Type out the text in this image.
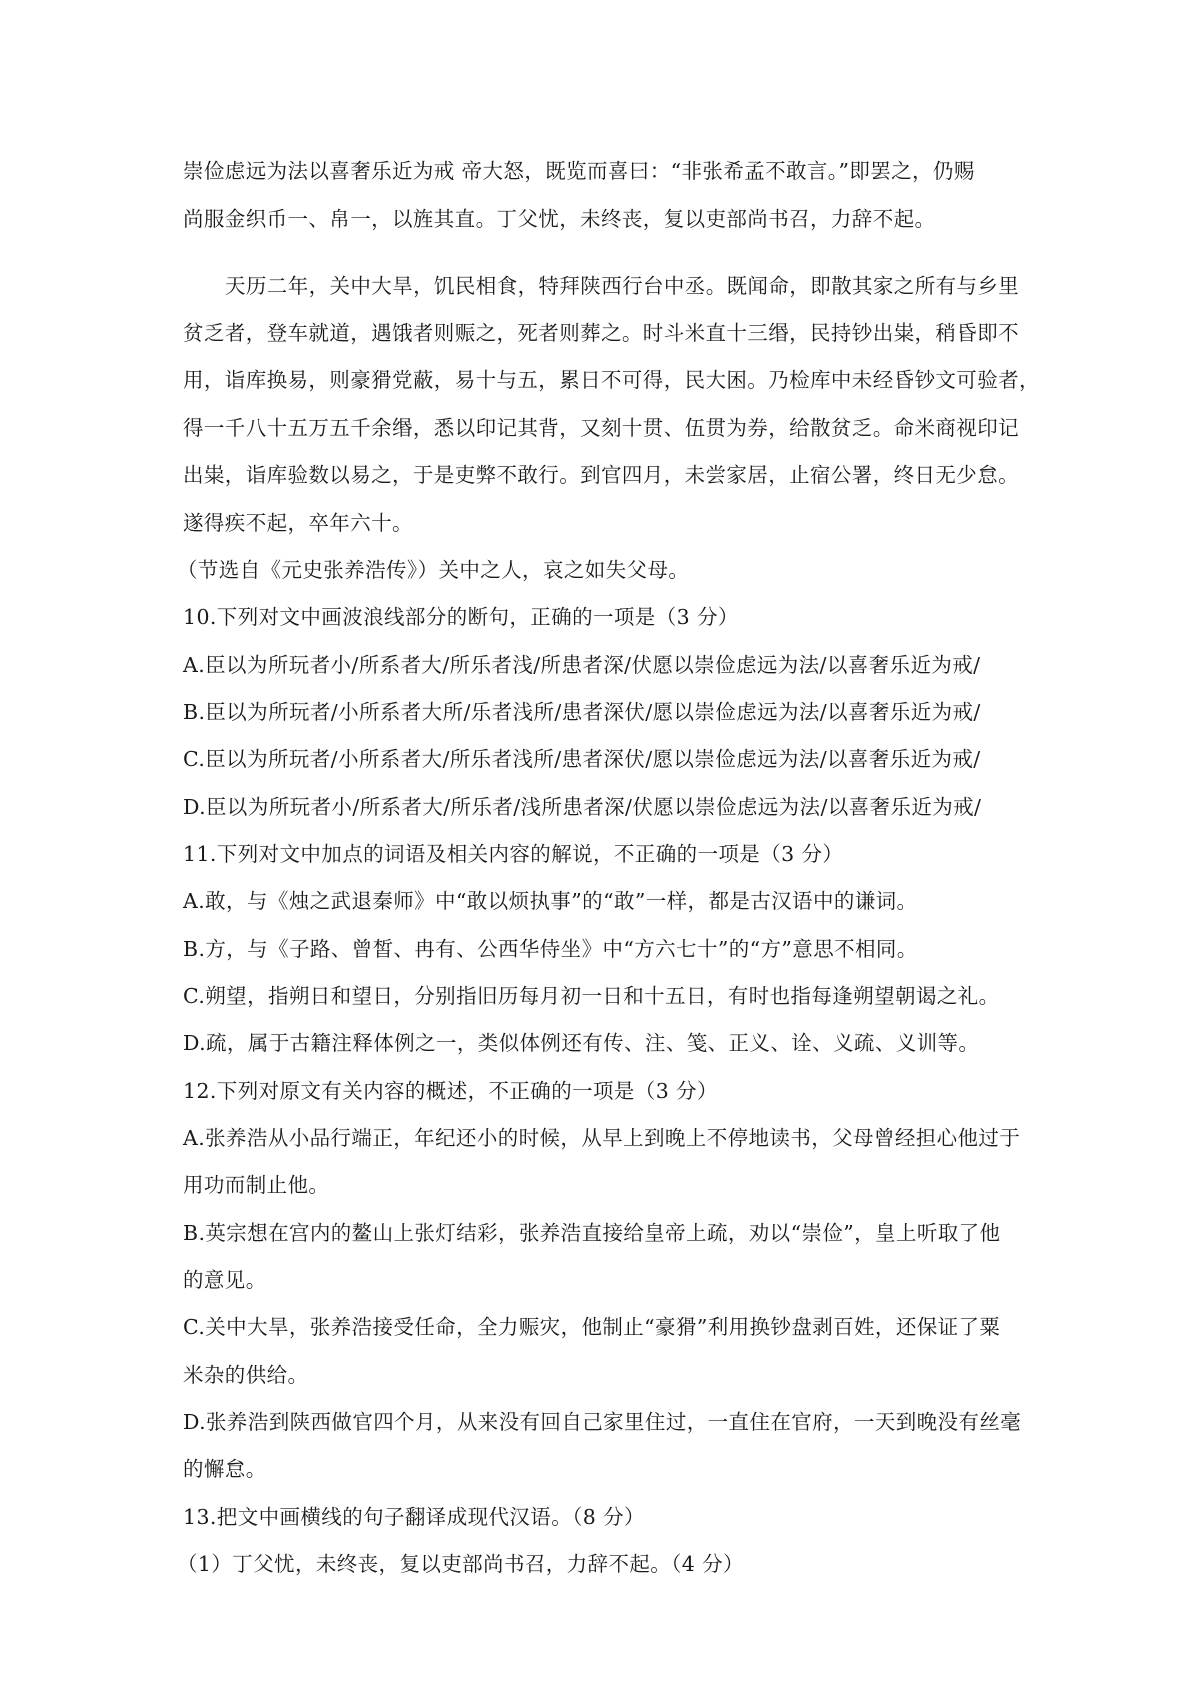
崇俭虑远为法以喜奢乐近为戒 帝大怒，既览而喜曰：“非张希孟不敢言。”即罢之，仍赐
尚服金织币一、帛一，以旌其直。丁父忧，未终丧，复以吏部尚书召，力辞不起。
天历二年，关中大旱，饥民相食，特拜陕西行台中丞。既闻命，即散其家之所有与乡里
贫乏者，登车就道，遇饿者则赈之，死者则葬之。时斗米直十三缗，民持钞出粜，稍昏即不
用，诣库换易，则豪猾党蔽，易十与五，累日不可得，民大困。乃检库中未经昏钞文可验者，
得一千八十五万五千余缗，悉以印记其背，又刻十贯、伍贯为券，给散贫乏。命米商视印记
出粜，诣库验数以易之，于是吏弊不敢行。到官四月，未尝家居，止宿公署，终日无少怠。
遂得疾不起，卒年六十。
（节选自《元史张养浩传》）关中之人，哀之如失父母。
10.下列对文中画波浪线部分的断句，正确的一项是（3 分）
A.臣以为所玩者小/所系者大/所乐者浅/所患者深/伏愿以崇俭虑远为法/以喜奢乐近为戒/
B.臣以为所玩者/小所系者大所/乐者浅所/患者深伏/愿以崇俭虑远为法/以喜奢乐近为戒/
C.臣以为所玩者/小所系者大/所乐者浅所/患者深伏/愿以崇俭虑远为法/以喜奢乐近为戒/
D.臣以为所玩者小/所系者大/所乐者/浅所患者深/伏愿以崇俭虑远为法/以喜奢乐近为戒/
11.下列对文中加点的词语及相关内容的解说，不正确的一项是（3 分）
A.敢，与《烛之武退秦师》中“敢以烦执事”的“敢”一样，都是古汉语中的谦词。
B.方，与《子路、曾皙、冉有、公西华侍坐》中“方六七十”的“方”意思不相同。
C.朔望，指朔日和望日，分别指旧历每月初一日和十五日，有时也指每逢朔望朝谒之礼。
D.疏，属于古籍注释体例之一，类似体例还有传、注、笺、正义、诠、义疏、义训等。
12.下列对原文有关内容的概述，不正确的一项是（3 分）
A.张养浩从小品行端正，年纪还小的时候，从早上到晚上不停地读书，父母曾经担心他过于
用功而制止他。
B.英宗想在宫内的鳌山上张灯结彩，张养浩直接给皇帝上疏，劝以“崇俭”，皇上听取了他
的意见。
C.关中大旱，张养浩接受任命，全力赈灾，他制止“豪猾”利用换钞盘剥百姓，还保证了粟
米杂的供给。
D.张养浩到陕西做官四个月，从来没有回自己家里住过，一直住在官府，一天到晚没有丝毫
的懈怠。
13.把文中画横线的句子翻译成现代汉语。（8 分）
（1）丁父忧，未终丧，复以吏部尚书召，力辞不起。（4 分）
